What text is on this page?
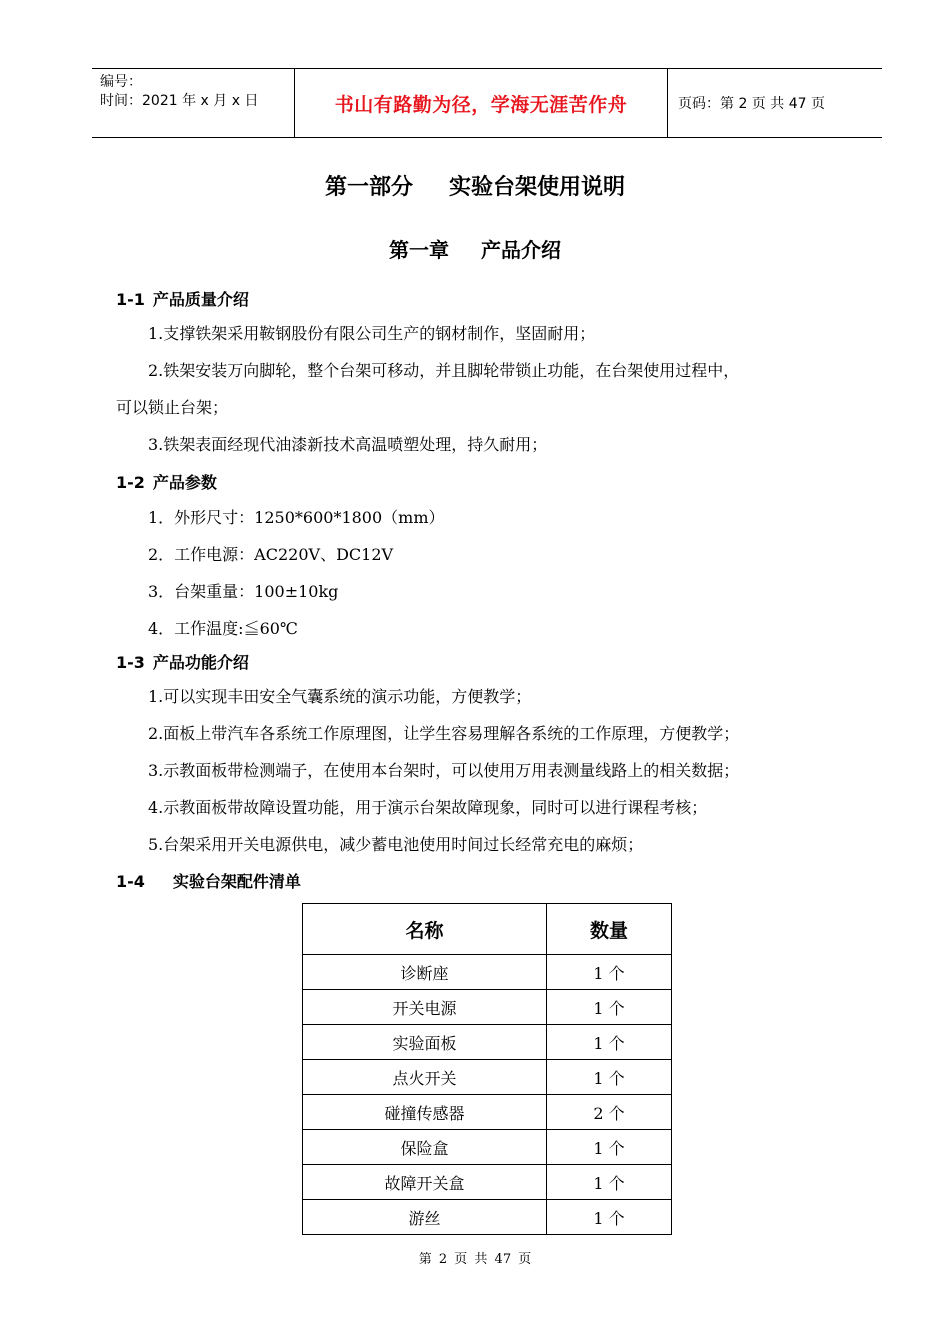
编号：
时间：2021 年 x 月 x 日	书山有路勤为径，学海无涯苦作舟	页码：第 2 页 共 47 页
第一部分 实验台架使用说明
第一章 产品介绍
1-1 产品质量介绍

1.支撑铁架采用鞍钢股份有限公司生产的钢材制作，坚固耐用；

2.铁架安装万向脚轮，整个台架可移动，并且脚轮带锁止功能，在台架使用过程中，

可以锁止台架；

3.铁架表面经现代油漆新技术高温喷塑处理，持久耐用；

1-2 产品参数

1．外形尺寸：1250*600*1800（mm）

2．工作电源：AC220V、DC12V

3．台架重量：100±10kg

4．工作温度:≦60℃

1-3 产品功能介绍

1.可以实现丰田安全气囊系统的演示功能，方便教学；

2.面板上带汽车各系统工作原理图，让学生容易理解各系统的工作原理，方便教学；

3.示教面板带检测端子，在使用本台架时，可以使用万用表测量线路上的相关数据；

4.示教面板带故障设置功能，用于演示台架故障现象，同时可以进行课程考核；

5.台架采用开关电源供电，减少蓄电池使用时间过长经常充电的麻烦；

1-4 实验台架配件清单
名称	数量
诊断座	1 个
开关电源	1 个
实验面板	1 个
点火开关	1 个
碰撞传感器	2 个
保险盒	1 个
故障开关盒	1 个
游丝	1 个
第 2 页 共 47 页
